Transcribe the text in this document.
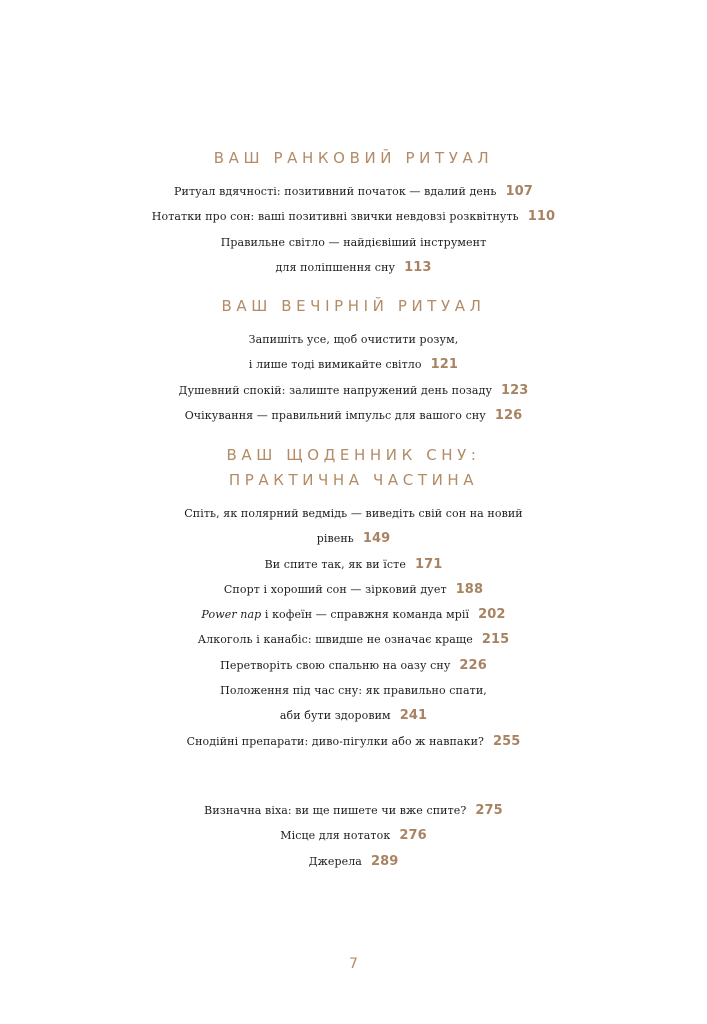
ВАШ РАНКОВИЙ РИТУАЛ
Ритуал вдячності: позитивний початок — вдалий день 107
Нотатки про сон: ваші позитивні звички невдовзі розквітнуть 110
Правильне світло — найдієвіший інструмент
для поліпшення сну 113
ВАШ ВЕЧІРНІЙ РИТУАЛ
Запишіть усе, щоб очистити розум,
і лише тоді вимикайте світло 121
Душевний спокій: залиште напружений день позаду 123
Очікування — правильний імпульс для вашого сну 126
ВАШ ЩОДЕННИК СНУ:
ПРАКТИЧНА ЧАСТИНА
Спіть, як полярний ведмідь — виведіть свій сон на новий
рівень 149
Ви спите так, як ви їсте 171
Спорт і хороший сон — зірковий дует 188
Power nap і кофеїн — справжня команда мрії 202
Алкоголь і канабіс: швидше не означає краще 215
Перетворіть свою спальню на оазу сну 226
Положення під час сну: як правильно спати,
аби бути здоровим 241
Снодійні препарати: диво-пігулки або ж навпаки? 255
Визначна віха: ви ще пишете чи вже спите? 275
Місце для нотаток 276
Джерела 289
7
